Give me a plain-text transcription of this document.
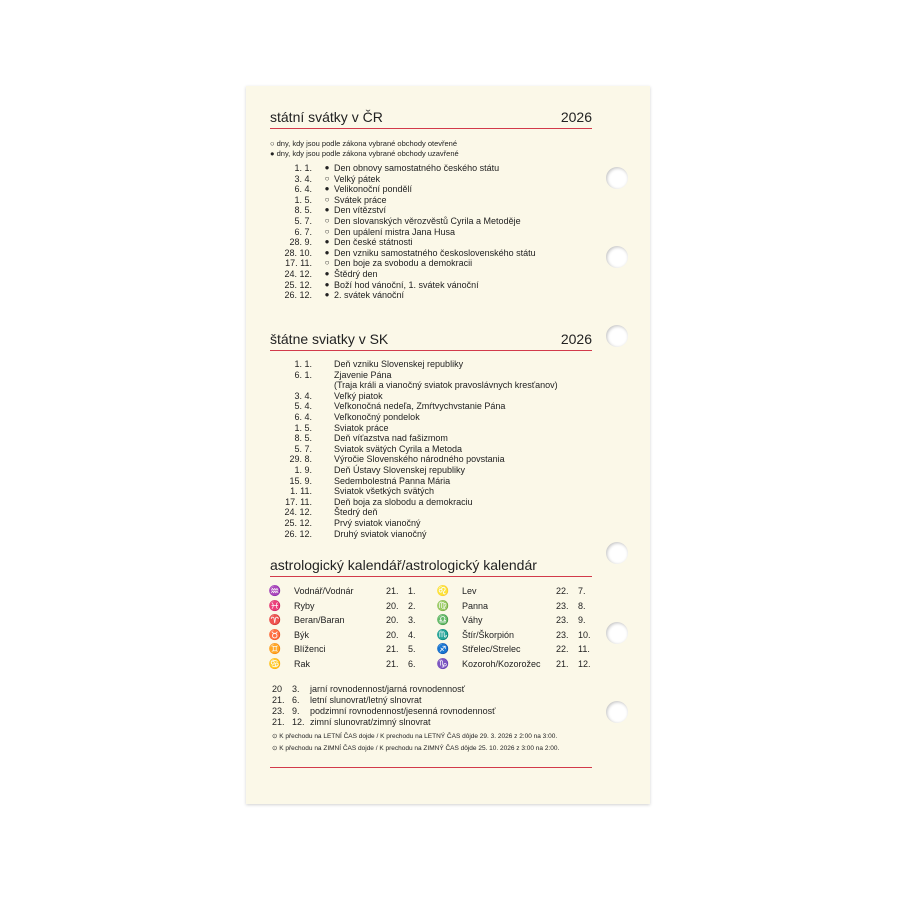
státní svátky v ČR	2026
○ dny, kdy jsou podle zákona vybrané obchody otevřené
● dny, kdy jsou podle zákona vybrané obchody uzavřené
1. 1.	● Den obnovy samostatného českého státu
3. 4.	○ Velký pátek
6. 4.	● Velikonoční pondělí
1. 5.	○ Svátek práce
8. 5.	● Den vítězství
5. 7.	○ Den slovanských věrozvěstů Cyrila a Metoděje
6. 7.	○ Den upálení mistra Jana Husa
28. 9.	● Den české státnosti
28. 10.	● Den vzniku samostatného československého státu
17. 11.	○ Den boje za svobodu a demokracii
24. 12.	● Štědrý den
25. 12.	● Boží hod vánoční, 1. svátek vánoční
26. 12.	● 2. svátek vánoční
štátne sviatky v SK	2026
1. 1. Deň vzniku Slovenskej republiky
6. 1. Zjavenie Pána
(Traja králi a vianočný sviatok pravoslávnych kresťanov)
3. 4. Veľký piatok
5. 4. Veľkonočná nedeľa, Zmŕtvychvstanie Pána
6. 4. Veľkonočný pondelok
1. 5. Sviatok práce
8. 5. Deň víťazstva nad fašizmom
5. 7. Sviatok svätých Cyrila a Metoda
29. 8. Výročie Slovenského národného povstania
1. 9. Deň Ústavy Slovenskej republiky
15. 9. Sedembolestná Panna Mária
1. 11. Sviatok všetkých svätých
17. 11. Deň boja za slobodu a demokraciu
24. 12. Štedrý deň
25. 12. Prvý sviatok vianočný
26. 12. Druhý sviatok vianočný
astrologický kalendář/astrologický kalendár
♒ Vodnář/Vodnár	21. 1.
♓ Ryby	20. 2.
♈ Beran/Baran	20. 3.
♉ Býk	20. 4.
♊ Blíženci	21. 5.
♋ Rak	21. 6.
♌ Lev	22. 7.
♍ Panna	23. 8.
♎ Váhy	23. 9.
♏ Štír/Škorpión	23. 10.
♐ Střelec/Strelec	22. 11.
♑ Kozoroh/Kozorožec 21. 12.
20 3. jarní rovnodennost/jarná rovnodennosť
21. 6. letní slunovrat/letný slnovrat
23. 9. podzimní rovnodennost/jesenná rovnodennosť
21. 12. zimní slunovrat/zimný slnovrat
⊙ K přechodu na LETNÍ ČAS dojde / K prechodu na LETNÝ ČAS dôjde 29. 3. 2026 z 2:00 na 3:00.
⊙ K přechodu na ZIMNÍ ČAS dojde / K prechodu na ZIMNÝ ČAS dôjde 25. 10. 2026 z 3:00 na 2:00.
